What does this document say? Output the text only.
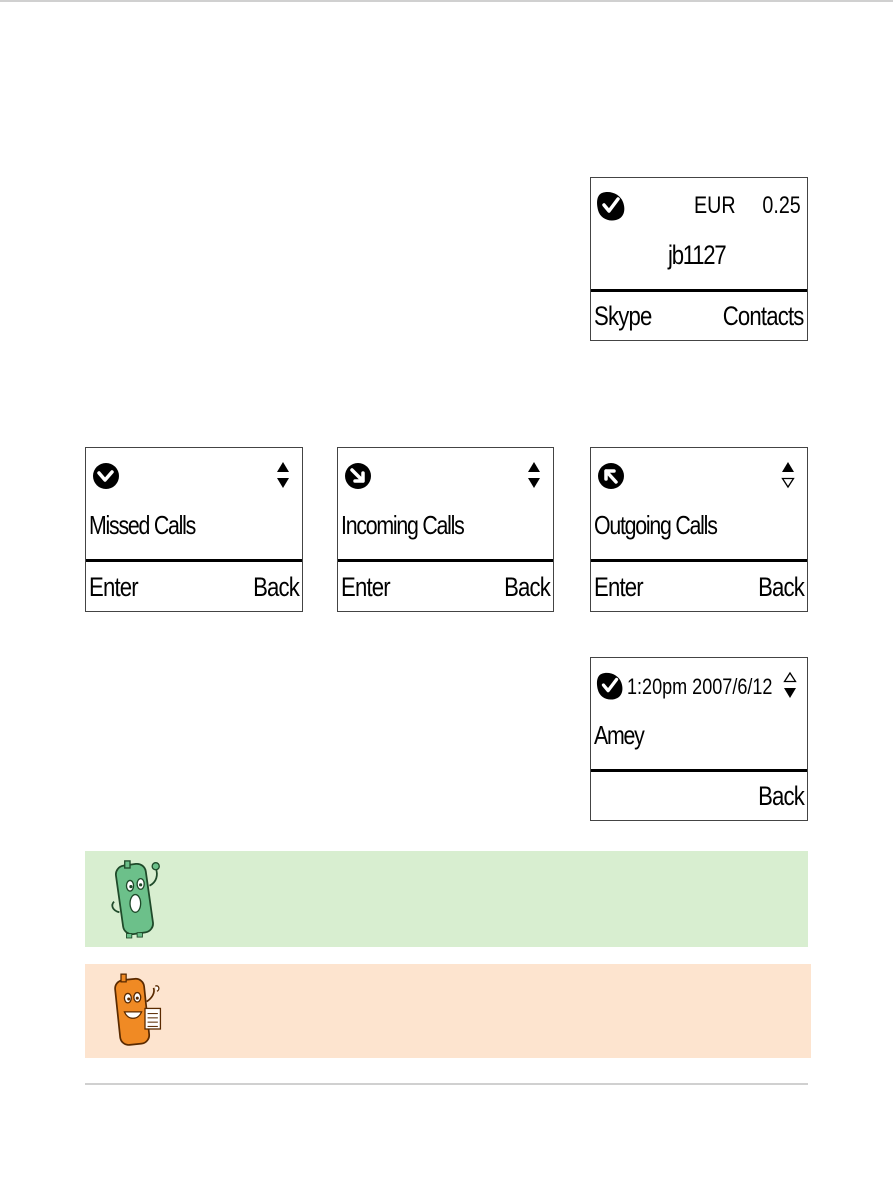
EUR 0.25
jb1127
Skype	Contacts
Missed Calls
Enter	Back
Incoming Calls
Enter	Back
Outgoing Calls
Enter	Back
1:20pm 2007/6/12
Amey
Back
